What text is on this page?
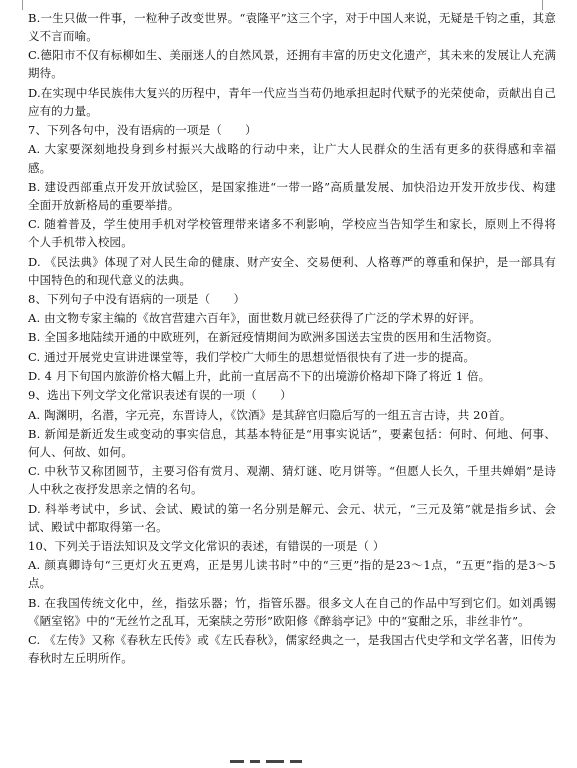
B.一生只做一件事，一粒种子改变世界。“袁隆平”这三个字，对于中国人来说，无疑是千钧之重，其意义不言而喻。

C.德阳市不仅有标柳如生、美丽迷人的自然风景，还拥有丰富的历史文化遗产，其未来的发展让人充满期待。

D.在实现中华民族伟大复兴的历程中，青年一代应当当苟仍地承担起时代赋予的光荣使命，贡献出自己应有的力量。

7、下列各句中，没有语病的一项是（　　）

A. 大家要深刻地投身到乡村振兴大战略的行动中来，让广大人民群众的生活有更多的获得感和幸福感。

B. 建设西部重点开发开放试验区，是国家推进“一带一路”高质量发展、加快沿边开发开放步伐、构建全面开放新格局的重要举措。

C. 随着普及，学生使用手机对学校管理带来诸多不利影响，学校应当告知学生和家长，原则上不得将个人手机带入校园。

D. 《民法典》体现了对人民生命的健康、财产安全、交易便利、人格尊严的尊重和保护，是一部具有中国特色的和现代意义的法典。

8、下列句子中没有语病的一项是（　　）

A. 由文物专家主编的《故宫营建六百年》，面世数月就已经获得了广泛的学术界的好评。

B. 全国多地陆续开通的中欧班列，在新冠疫情期间为欧洲多国送去宝贵的医用和生活物资。

C. 通过开展党史宣讲进课堂等，我们学校广大师生的思想觉悟很快有了进一步的提高。

D. 4 月下旬国内旅游价格大幅上升，此前一直居高不下的出境游价格却下降了将近 1 倍。

9、选出下列文学文化常识表述有误的一项（　　）

A. 陶渊明，名潜，字元亮，东晋诗人，《饮酒》是其辞官归隐后写的一组五言古诗，共 20首。

B. 新闻是新近发生或变动的事实信息，其基本特征是“用事实说话”，要素包括：何时、何地、何事、何人、何故、如何。

C. 中秋节又称团圆节，主要习俗有赏月、观潮、猜灯谜、吃月饼等。“但愿人长久，千里共婵娟”是诗人中秋之夜抒发思亲之情的名句。

D. 科举考试中，乡试、会试、殿试的第一名分别是解元、会元、状元，“三元及第”就是指乡试、会试、殿试中都取得第一名。

10、下列关于语法知识及文学文化常识的表述，有错误的一项是（ ）

A. 颜真卿诗句“三更灯火五更鸡，正是男儿读书时”中的“三更”指的是23～1点，“五更”指的是3～5点。

B. 在我国传统文化中，丝，指弦乐器；竹，指管乐器。很多文人在自己的作品中写到它们。如刘禹锡《陋室铭》中的“无丝竹之乱耳，无案牍之劳形”欧阳修《醉翁亭记》中的“宴酣之乐，非丝非竹”。

C. 《左传》又称《春秋左氏传》或《左氏春秋》，儒家经典之一，是我国古代史学和文学名著，旧传为春秋时左丘明所作。
